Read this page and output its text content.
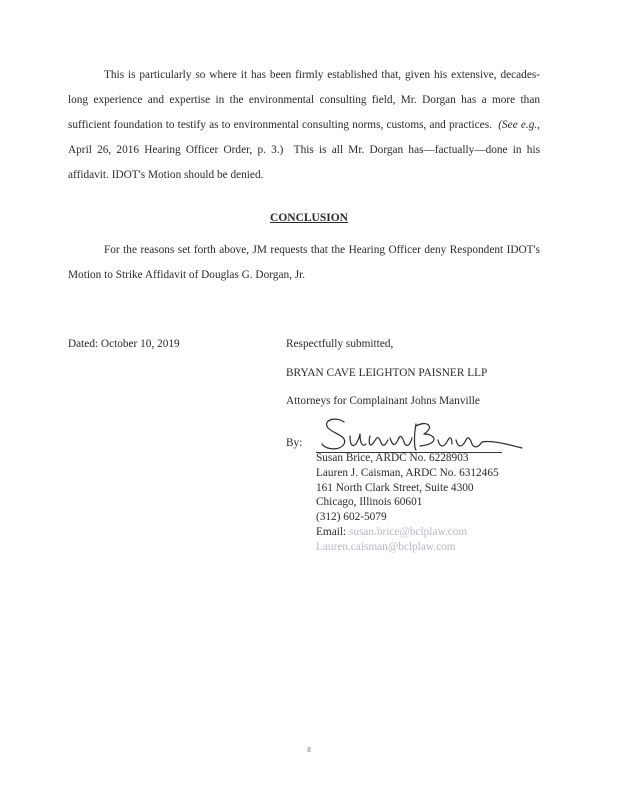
This is particularly so where it has been firmly established that, given his extensive, decades-long experience and expertise in the environmental consulting field, Mr. Dorgan has a more than sufficient foundation to testify as to environmental consulting norms, customs, and practices. (See e.g., April 26, 2016 Hearing Officer Order, p. 3.) This is all Mr. Dorgan has—factually—done in his affidavit. IDOT's Motion should be denied.

CONCLUSION

For the reasons set forth above, JM requests that the Hearing Officer deny Respondent IDOT's Motion to Strike Affidavit of Douglas G. Dorgan, Jr.

Dated: October 10, 2019	Respectfully submitted,
BRYAN CAVE LEIGHTON PAISNER LLP
Attorneys for Complainant Johns Manville
By:
Susan Brice, ARDC No. 6228903
Lauren J. Caisman, ARDC No. 6312465
161 North Clark Street, Suite 4300
Chicago, Illinois 60601
(312) 602-5079
Email: susan.brice@bclplaw.com
Lauren.caisman@bclplaw.com
8
